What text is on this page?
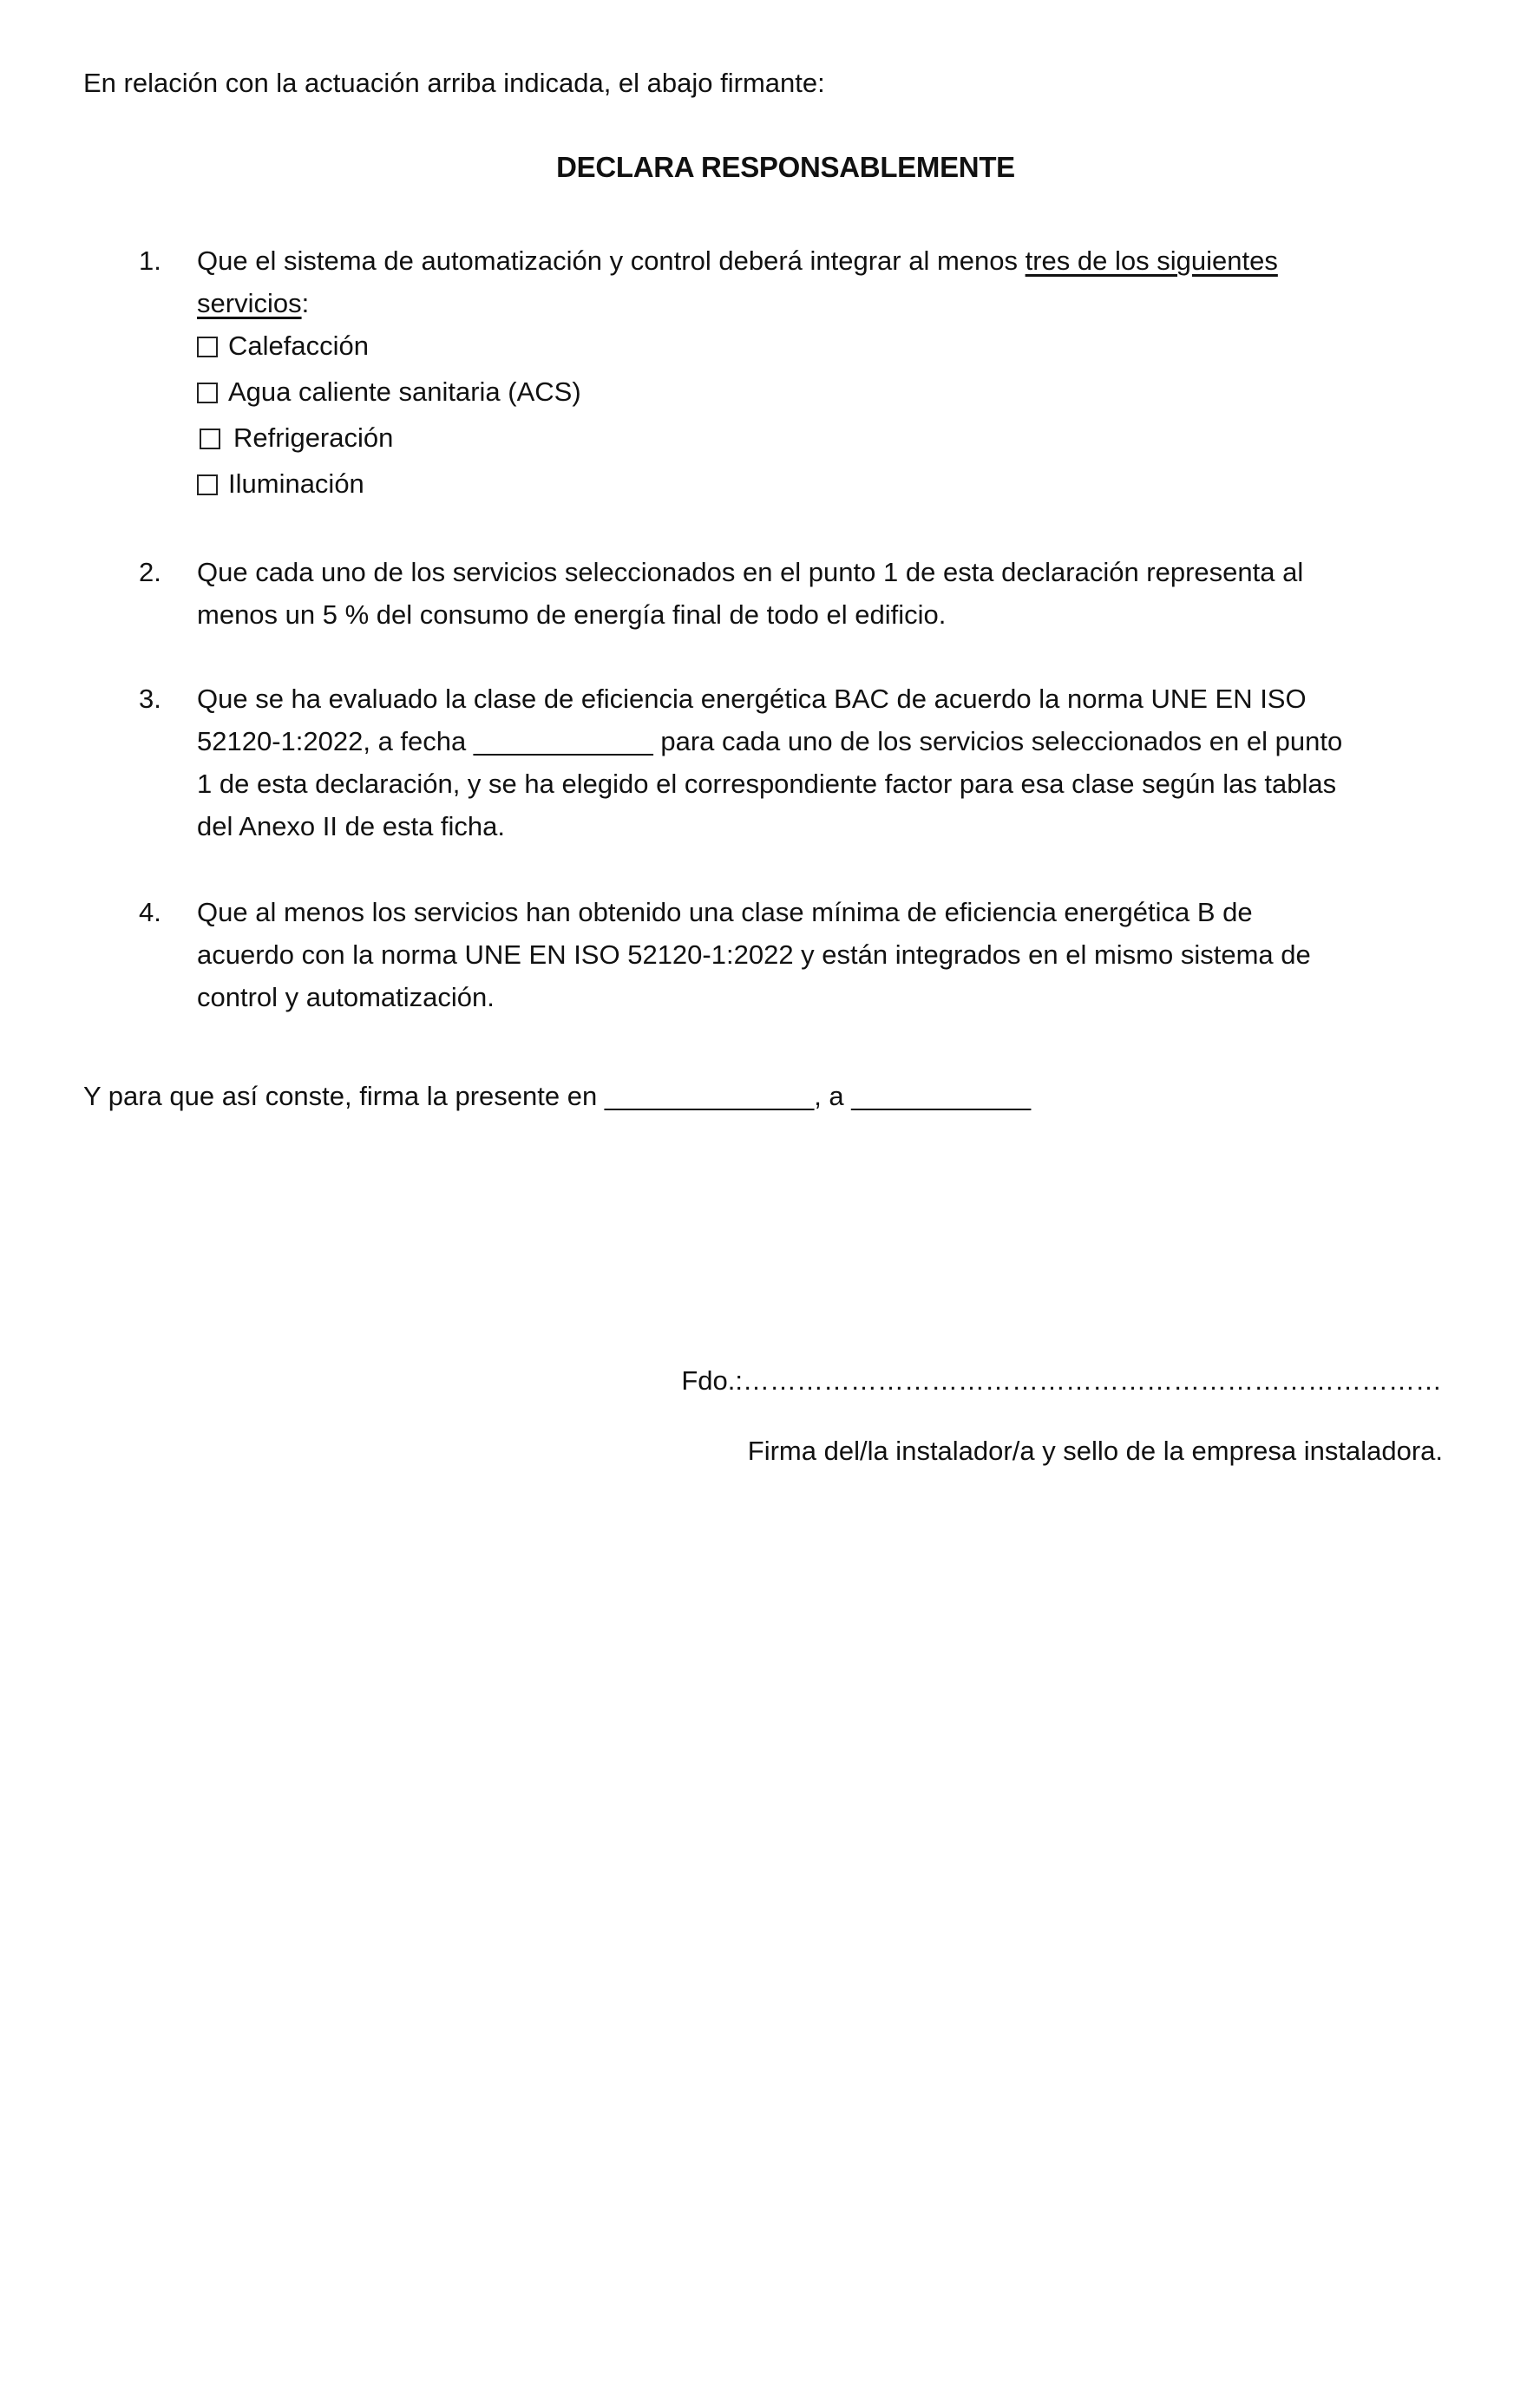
En relación con la actuación arriba indicada, el abajo firmante:
DECLARA RESPONSABLEMENTE
1.	Que el sistema de automatización y control deberá integrar al menos tres de los siguientes
servicios:
Calefacción
Agua caliente sanitaria (ACS)
Refrigeración
Iluminación
2.	Que cada uno de los servicios seleccionados en el punto 1 de esta declaración representa al
menos un 5 % del consumo de energía final de todo el edificio.
3.	Que se ha evaluado la clase de eficiencia energética BAC de acuerdo la norma UNE EN ISO
52120-1:2022, a fecha ____________ para cada uno de los servicios seleccionados en el punto
1 de esta declaración, y se ha elegido el correspondiente factor para esa clase según las tablas
del Anexo II de esta ficha.
4.	Que al menos los servicios han obtenido una clase mínima de eficiencia energética B de
acuerdo con la norma UNE EN ISO 52120-1:2022 y están integrados en el mismo sistema de
control y automatización.
Y para que así conste, firma la presente en ______________, a ____________
Fdo.:……………………………………………………………………
Firma del/la instalador/a y sello de la empresa instaladora.
